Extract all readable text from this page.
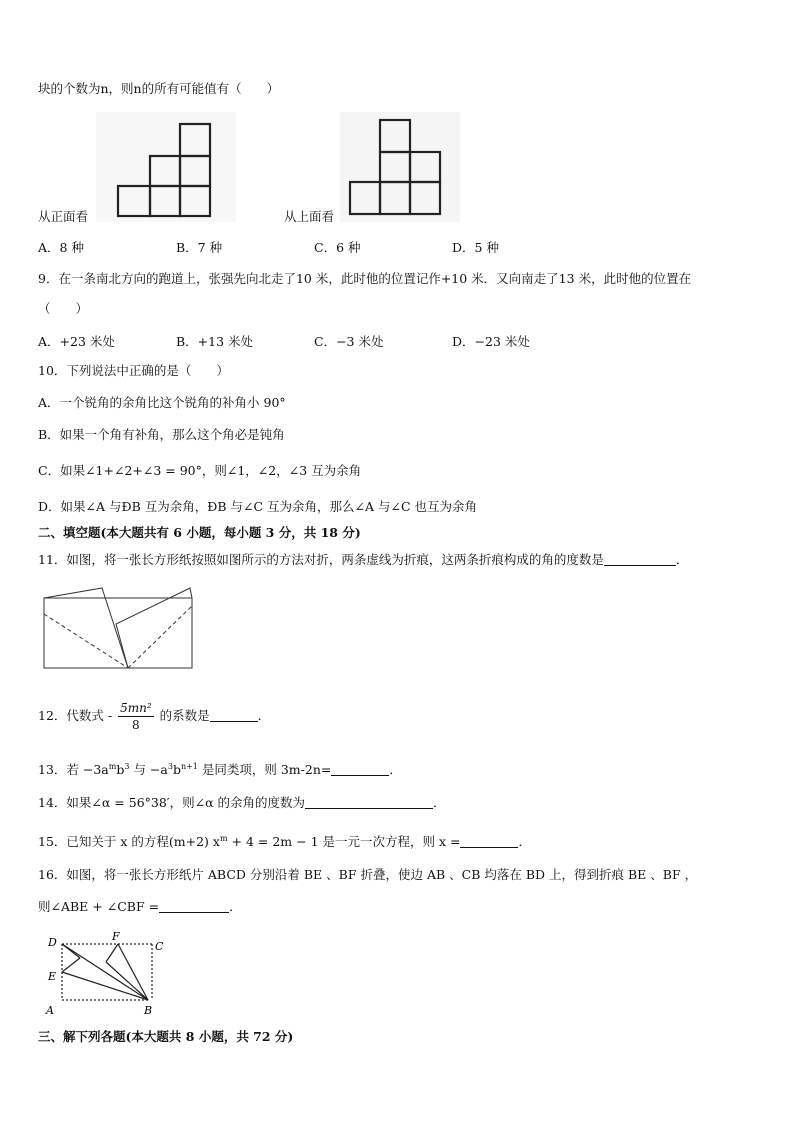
块的个数为n，则n的所有可能值有（　　）
从正面看	从上面看
A．8 种	B．7 种	C．6 种	D．5 种
9．在一条南北方向的跑道上，张强先向北走了10 米，此时他的位置记作+10 米．又向南走了13 米，此时他的位置在
（　　）
A．+23 米处	B．+13 米处	C．−3 米处	D．−23 米处
10．下列说法中正确的是（　　）
A．一个锐角的余角比这个锐角的补角小 90°
B．如果一个角有补角，那么这个角必是钝角
C．如果∠1+∠2+∠3 = 90°，则∠1，∠2，∠3 互为余角
D．如果∠A 与ÐB 互为余角，ÐB 与∠C 互为余角，那么∠A 与∠C 也互为余角
二、填空题(本大题共有 6 小题，每小题 3 分，共 18 分)
11．如图，将一张长方形纸按照如图所示的方法对折，两条虚线为折痕，这两条折痕构成的角的度数是	．
12．代数式 - $\frac{\text{5mn²}}{8}$ 的系数是	．
13．若 $-3a^mb^3$ 与 $-a^3b^{n+1}$ 是同类项，则 3m-2n=	．
14．如果∠α = 56°38′，则∠α 的余角的度数为	．
15．已知关于 x 的方程(m+2) $x^m + 4 = 2m - 1$ 是一元一次方程，则 x =	．
16．如图，将一张长方形纸片 ABCD 分别沿着 BE 、BF 折叠，使边 AB 、CB 均落在 BD 上，得到折痕 BE 、BF ，
则∠ABE + ∠CBF =	．
D	F
C
E
A	B
三、解下列各题(本大题共 8 小题，共 72 分)
